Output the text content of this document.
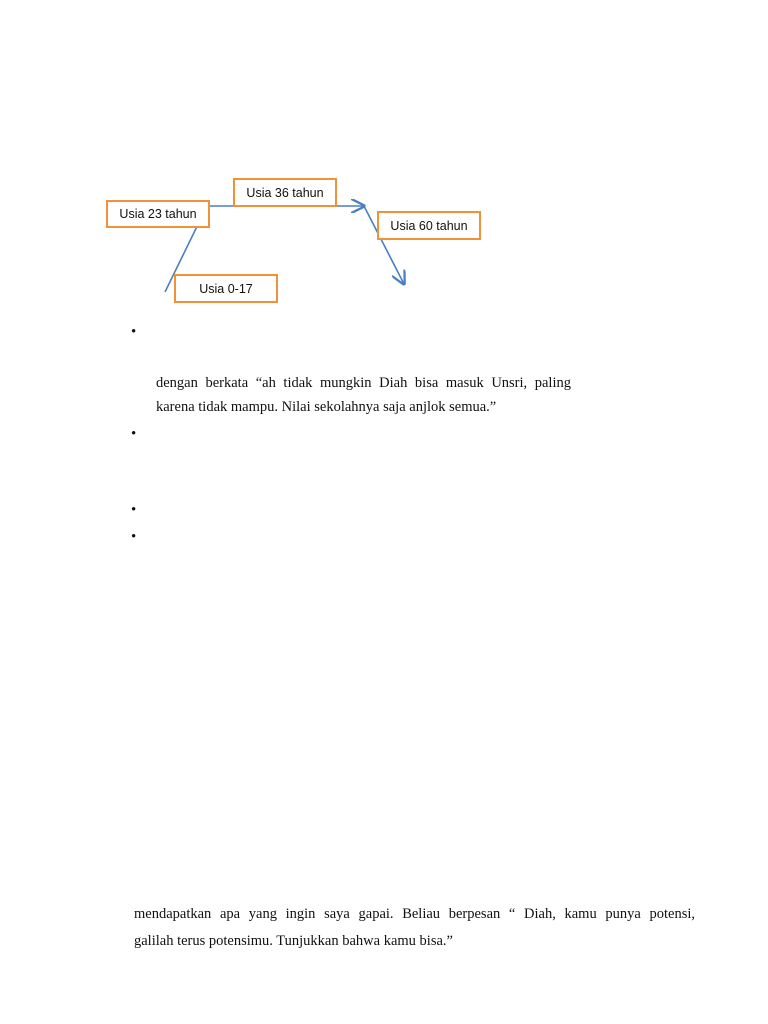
Usia 36 tahun
Usia 23 tahun
Usia 60 tahun
Usia 0-17
•
•
•
•
dengan berkata “ah tidak mungkin Diah bisa masuk Unsri, paling
karena tidak mampu. Nilai sekolahnya saja anjlok semua.”
mendapatkan apa yang ingin saya gapai. Beliau berpesan “ Diah, kamu punya potensi,
galilah terus potensimu. Tunjukkan bahwa kamu bisa.”
